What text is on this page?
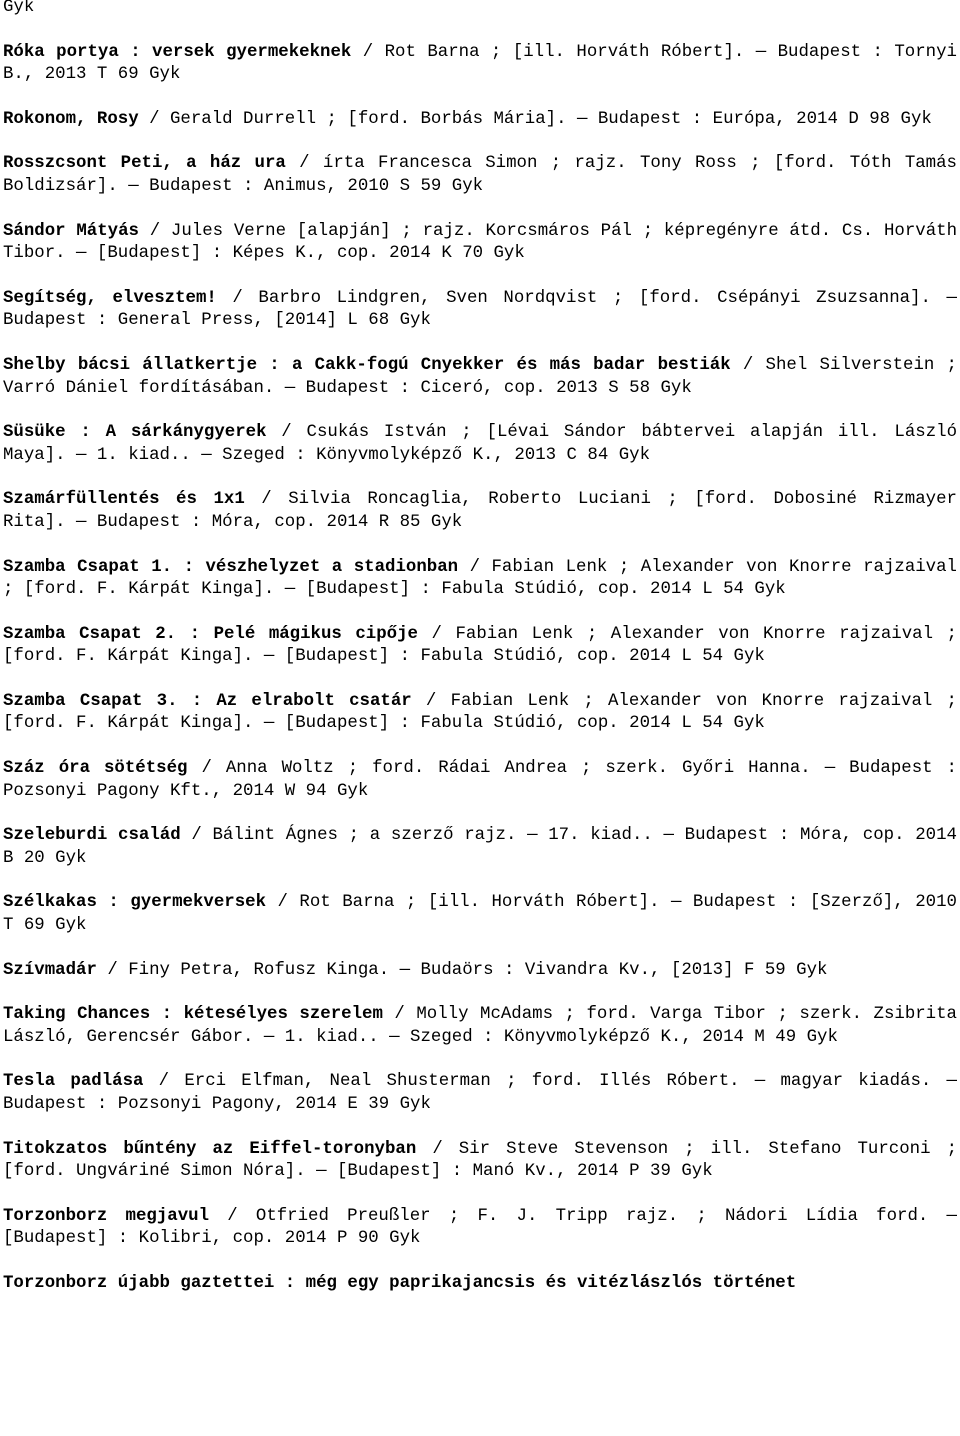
Gyk
Róka portya : versek gyermekeknek / Rot Barna ; [ill. Horváth Róbert]. — Budapest : Tornyi B., 2013 T 69 Gyk
Rokonom, Rosy / Gerald Durrell ; [ford. Borbás Mária]. — Budapest : Európa, 2014 D 98 Gyk
Rosszcsont Peti, a ház ura / írta Francesca Simon ; rajz. Tony Ross ; [ford. Tóth Tamás Boldizsár]. — Budapest : Animus, 2010 S 59 Gyk
Sándor Mátyás / Jules Verne [alapján] ; rajz. Korcsmáros Pál ; képregényre átd. Cs. Horváth Tibor. — [Budapest] : Képes K., cop. 2014 K 70 Gyk
Segítség, elvesztem! / Barbro Lindgren, Sven Nordqvist ; [ford. Csépányi Zsuzsanna]. — Budapest : General Press, [2014] L 68 Gyk
Shelby bácsi állatkertje : a Cakk-fogú Cnyekker és más badar bestiák / Shel Silverstein ; Varró Dániel fordításában. — Budapest : Ciceró, cop. 2013 S 58 Gyk
Süsüke : A sárkánygyerek / Csukás István ; [Lévai Sándor bábtervei alapján ill. László Maya]. — 1. kiad.. — Szeged : Könyvmolyképző K., 2013 C 84 Gyk
Szamárfüllentés és 1x1 / Silvia Roncaglia, Roberto Luciani ; [ford. Dobosiné Rizmayer Rita]. — Budapest : Móra, cop. 2014 R 85 Gyk
Szamba Csapat 1. : vészhelyzet a stadionban / Fabian Lenk ; Alexander von Knorre rajzaival ; [ford. F. Kárpát Kinga]. — [Budapest] : Fabula Stúdió, cop. 2014 L 54 Gyk
Szamba Csapat 2. : Pelé mágikus cipője / Fabian Lenk ; Alexander von Knorre rajzaival ; [ford. F. Kárpát Kinga]. — [Budapest] : Fabula Stúdió, cop. 2014 L 54 Gyk
Szamba Csapat 3. : Az elrabolt csatár / Fabian Lenk ; Alexander von Knorre rajzaival ; [ford. F. Kárpát Kinga]. — [Budapest] : Fabula Stúdió, cop. 2014 L 54 Gyk
Száz óra sötétség / Anna Woltz ; ford. Rádai Andrea ; szerk. Győri Hanna. — Budapest : Pozsonyi Pagony Kft., 2014 W 94 Gyk
Szeleburdi család / Bálint Ágnes ; a szerző rajz. — 17. kiad.. — Budapest : Móra, cop. 2014 B 20 Gyk
Szélkakas : gyermekversek / Rot Barna ; [ill. Horváth Róbert]. — Budapest : [Szerző], 2010 T 69 Gyk
Szívmadár / Finy Petra, Rofusz Kinga. — Budaörs : Vivandra Kv., [2013] F 59 Gyk
Taking Chances : kétesélyes szerelem / Molly McAdams ; ford. Varga Tibor ; szerk. Zsibrita László, Gerencsér Gábor. — 1. kiad.. — Szeged : Könyvmolyképző K., 2014 M 49 Gyk
Tesla padlása / Erci Elfman, Neal Shusterman ; ford. Illés Róbert. — magyar kiadás. — Budapest : Pozsonyi Pagony, 2014 E 39 Gyk
Titokzatos bűntény az Eiffel-toronyban / Sir Steve Stevenson ; ill. Stefano Turconi ; [ford. Ungváriné Simon Nóra]. — [Budapest] : Manó Kv., 2014 P 39 Gyk
Torzonborz megjavul / Otfried Preußler ; F. J. Tripp rajz. ; Nádori Lídia ford. — [Budapest] : Kolibri, cop. 2014 P 90 Gyk
Torzonborz újabb gaztettei : még egy paprikajancsis és vitézlászlós történet
